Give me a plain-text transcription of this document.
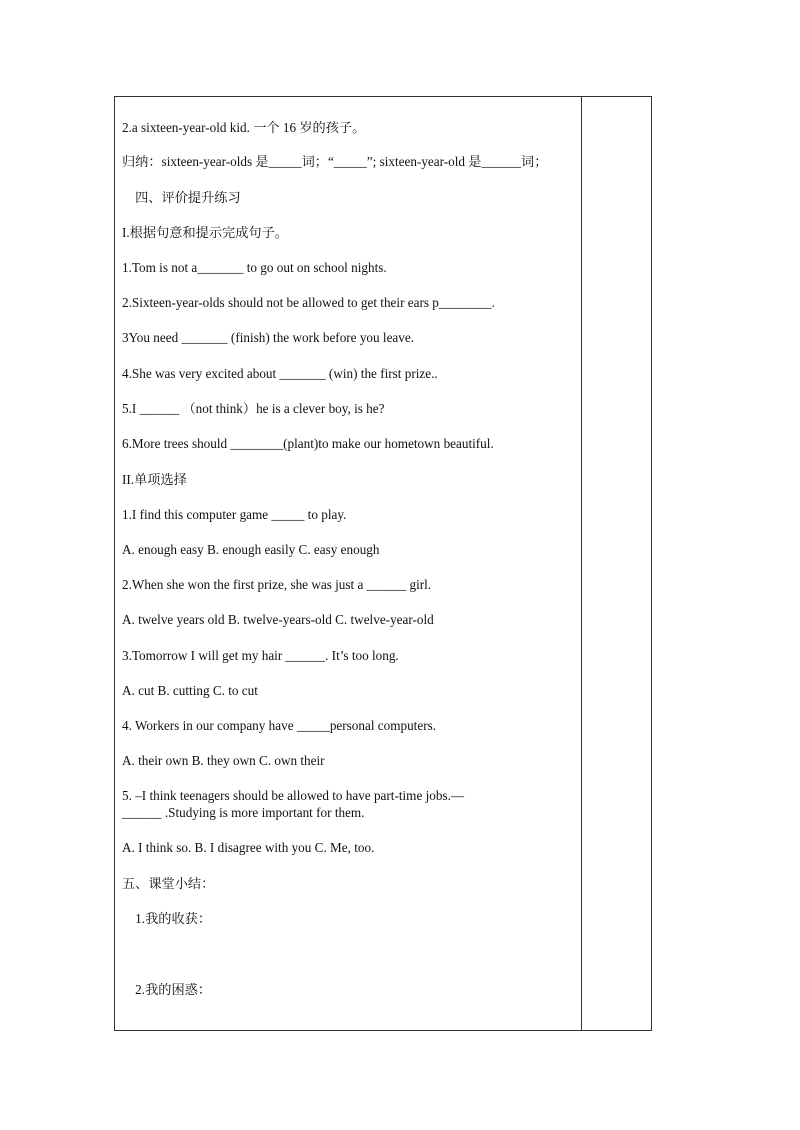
2.a sixteen-year-old kid. 一个 16 岁的孩子。
归纳：sixteen-year-olds 是_____词；“_____”; sixteen-year-old 是______词；
　四、评价提升练习
I.根据句意和提示完成句子。
1.Tom is not a_______ to go out on school nights.
2.Sixteen-year-olds should not be allowed to get their ears p________.
3You need _______ (finish) the work before you leave.
4.She was very excited about _______ (win) the first prize..
5.I ______ （not think）he is a clever boy, is he?
6.More trees should ________(plant)to make our hometown beautiful.
II.单项选择
1.I find this computer game _____ to play.
A. enough easy B. enough easily C. easy enough
2.When she won the first prize, she was just a ______ girl.
A. twelve years old B. twelve-years-old C. twelve-year-old
3.Tomorrow I will get my hair ______. It’s too long.
A. cut B. cutting C. to cut
4. Workers in our company have _____personal computers.
A. their own B. they own C. own their
5. –I think teenagers should be allowed to have part-time jobs.— ______ .Studying is more important for them.
A. I think so. B. I disagree with you C. Me, too.
五、课堂小结：
　1.我的收获：
　2.我的困惑：
